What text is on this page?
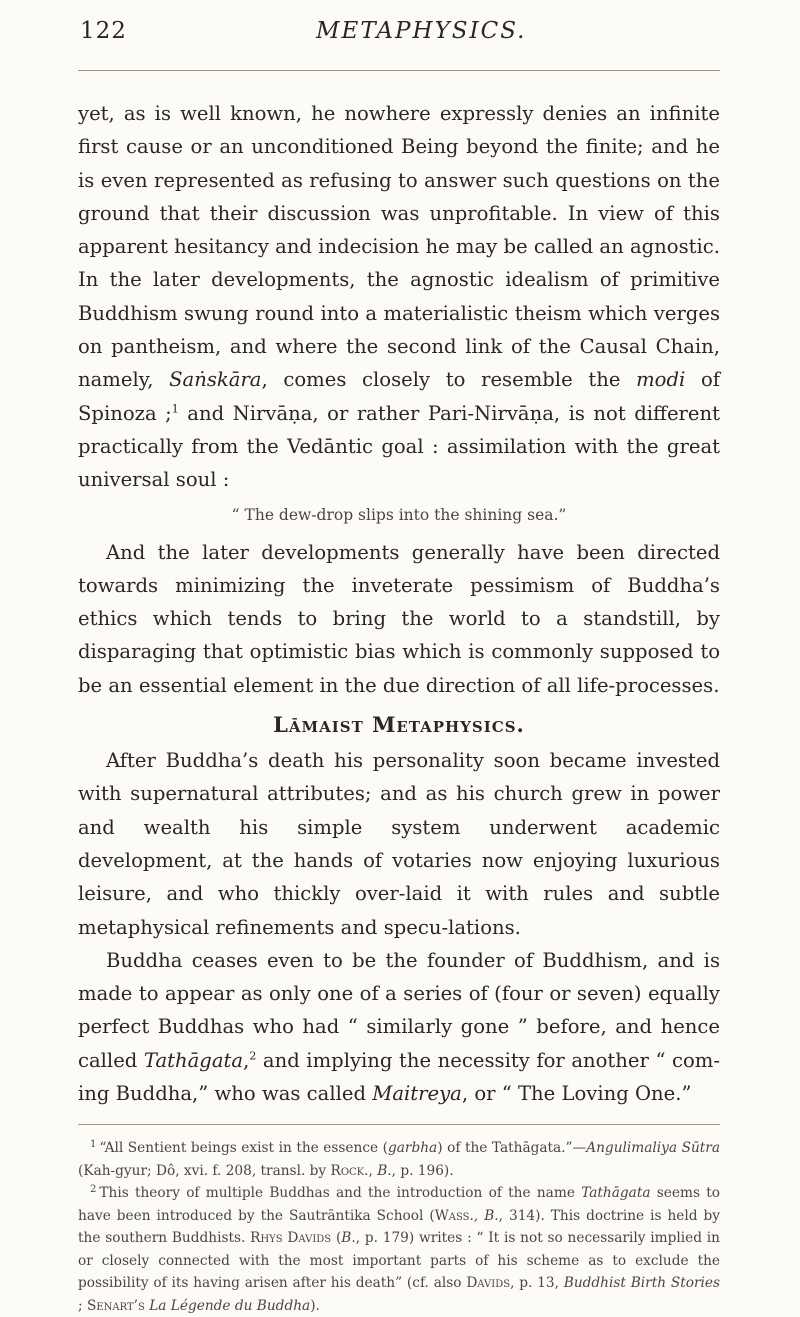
122	METAPHYSICS.

yet, as is well known, he nowhere expressly denies an infinite first cause or an unconditioned Being beyond the finite; and he is even represented as refusing to answer such questions on the ground that their discussion was unprofitable. In view of this apparent hesitancy and indecision he may be called an agnostic. In the later developments, the agnostic idealism of primitive Buddhism swung round into a materialistic theism which verges on pantheism, and where the second link of the Causal Chain, namely, Saṅskāra, comes closely to resemble the modi of Spinoza ;$^1$ and Nirvāṇa, or rather Pari-Nirvāṇa, is not different practically from the Vedāntic goal : assimilation with the great universal soul :

“ The dew-drop slips into the shining sea.”

And the later developments generally have been directed towards minimizing the inveterate pessimism of Buddha’s ethics which tends to bring the world to a standstill, by disparaging that optimistic bias which is commonly supposed to be an essential element in the due direction of all life-processes.

Lāmaist Metaphysics.

After Buddha’s death his personality soon became invested with supernatural attributes; and as his church grew in power and wealth his simple system underwent academic development, at the hands of votaries now enjoying luxurious leisure, and who thickly over-laid it with rules and subtle metaphysical refinements and specu-lations.

Buddha ceases even to be the founder of Buddhism, and is made to appear as only one of a series of (four or seven) equally perfect Buddhas who had “ similarly gone ” before, and hence called Tathāgata,$^2$ and implying the necessity for another “ com-ing Buddha,” who was called Maitreya, or “ The Loving One.”

$^1$ “All Sentient beings exist in the essence (garbha) of the Tathāgata.”—Angulimaliya Sūtra (Kah-gyur; Dô, xvi. f. 208, transl. by Rock., B., p. 196).

$^2$ This theory of multiple Buddhas and the introduction of the name Tathāgata seems to have been introduced by the Sautrāntika School (Wass., B., 314). This doctrine is held by the southern Buddhists. Rhys Davids (B., p. 179) writes : “ It is not so necessarily implied in or closely connected with the most important parts of his scheme as to exclude the possibility of its having arisen after his death” (cf. also Davids, p. 13, Buddhist Birth Stories ; Senart’s La Légende du Buddha).
